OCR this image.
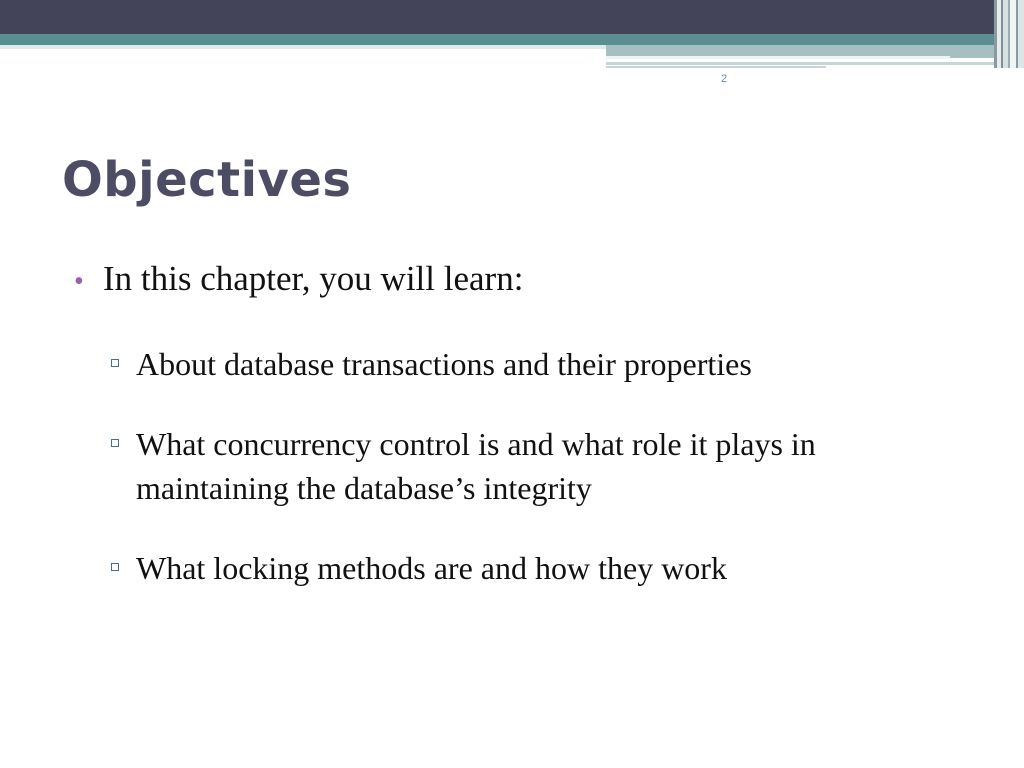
2
Objectives
• In this chapter, you will learn:
About database transactions and their properties
What concurrency control is and what role it plays in maintaining the database’s integrity
What locking methods are and how they work
